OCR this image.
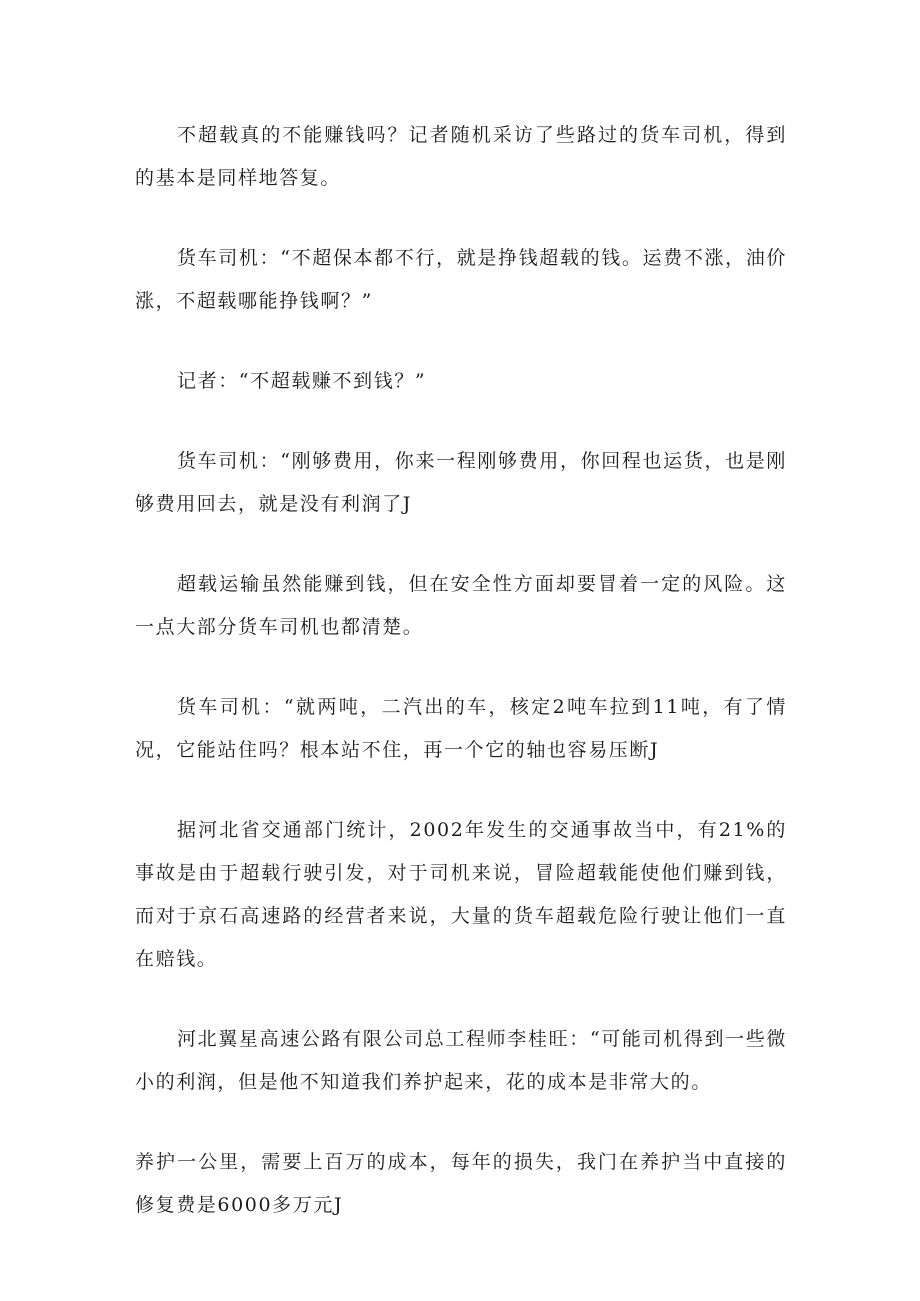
不超载真的不能赚钱吗？记者随机采访了些路过的货车司机，得到的基本是同样地答复。

货车司机：“不超保本都不行，就是挣钱超载的钱。运费不涨，油价涨，不超载哪能挣钱啊？”

记者：“不超载赚不到钱？”

货车司机：“刚够费用，你来一程刚够费用，你回程也运货，也是刚够费用回去，就是没有利润了J

超载运输虽然能赚到钱，但在安全性方面却要冒着一定的风险。这一点大部分货车司机也都清楚。

货车司机：“就两吨，二汽出的车，核定2吨车拉到11吨，有了情况，它能站住吗？根本站不住，再一个它的轴也容易压断J

据河北省交通部门统计，2002年发生的交通事故当中，有21%的事故是由于超载行驶引发，对于司机来说，冒险超载能使他们赚到钱，而对于京石高速路的经营者来说，大量的货车超载危险行驶让他们一直在赔钱。

河北翼星高速公路有限公司总工程师李桂旺：“可能司机得到一些微小的利润，但是他不知道我们养护起来，花的成本是非常大的。

养护一公里，需要上百万的成本，每年的损失，我门在养护当中直接的修复费是6000多万元J
